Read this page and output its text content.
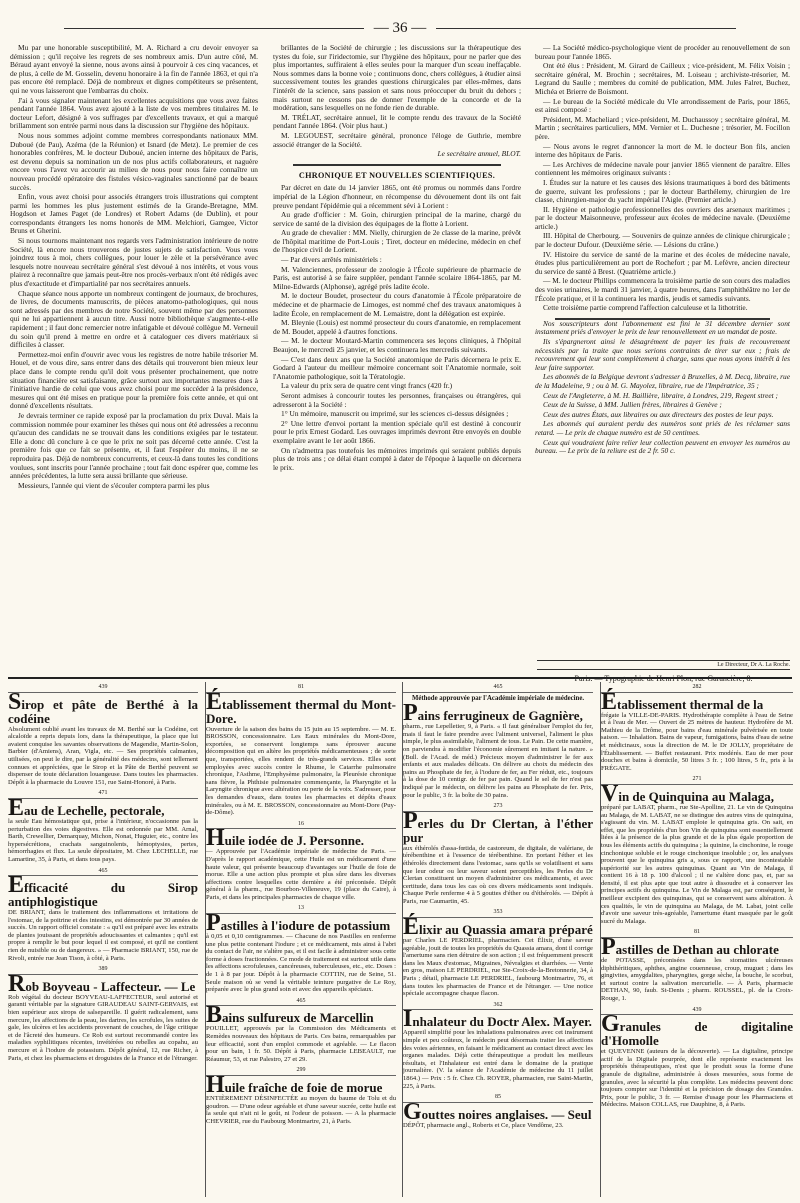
— 36 —

Mu par une honorable susceptibilité, M. A. Richard a cru devoir envoyer sa démission ; qu'il reçoive les regrets de ses nombreux amis. D'un autre côté, M. Béraud ayant envoyé la sienne, nous avons ainsi à pourvoir à ces cinq vacances, et de plus, à celle de M. Gosselin, devenu honoraire à la fin de l'année 1863, et qui n'a pas encore été remplacé. Déjà de nombreux et dignes compétiteurs se présentent, qui ne vous laisseront que l'embarras du choix.

J'ai à vous signaler maintenant les excellentes acquisitions que vous avez faites pendant l'année 1864. Vous avez ajouté à la liste de vos membres titulaires M. le docteur Lefort, désigné à vos suffrages par d'excellents travaux, et qui a marqué brillamment son entrée parmi nous dans la discussion sur l'hygiène des hôpitaux.

Nous nous sommes adjoint comme membres correspondants nationaux MM. Duboué (de Pau), Azéma (de la Réunion) et Isnard (de Metz). Le premier de ces honorables confrères, M. le docteur Duboué, ancien interne des hôpitaux de Paris, est devenu depuis sa nomination un de nos plus actifs collaborateurs, et naguère encore vous l'avez vu accourir au milieu de nous pour nous faire connaître un nouveau procédé opératoire des fistules vésico-vaginales sanctionné par de beaux succès.

Enfin, vous avez choisi pour associés étrangers trois illustrations qui comptent parmi les hommes les plus justement estimés de la Grande-Bretagne, MM. Hogdson et James Paget (de Londres) et Robert Adams (de Dublin), et pour correspondants étrangers les noms honorés de MM. Melchiori, Gamgee, Victor Bruns et Gherini.

Si nous tournons maintenant nos regards vers l'administration intérieure de notre Société, là encore nous trouverons de justes sujets de satisfaction. Vous vous joindrez tous à moi, chers collègues, pour louer le zèle et la persévérance avec lesquels notre nouveau secrétaire général s'est dévoué à nos intérêts, et vous vous plairez à reconnaître que jamais peut-être nos procès-verbaux n'ont été rédigés avec plus d'exactitude et d'impartialité par nos secrétaires annuels.

Chaque séance nous apporte un nombreux contingent de journaux, de brochures, de livres, de documents manuscrits, de pièces anatomo-pathologiques, qui nous sont adressés par des membres de notre Société, souvent même par des personnes qui ne lui appartiennent à aucun titre. Aussi notre bibliothèque s'augmente-t-elle rapidement ; il faut donc remercier notre infatigable et dévoué collègue M. Verneuil du soin qu'il prend à mettre en ordre et à cataloguer ces divers matériaux si difficiles à classer.

Permettez-moi enfin d'ouvrir avec vous les registres de notre habile trésorier M. Houel, et de vous dire, sans entrer dans des détails qui trouveront bien mieux leur place dans le compte rendu qu'il doit vous présenter prochainement, que notre situation financière est satisfaisante, grâce surtout aux importantes mesures dues à l'initiative hardie de celui que vous avez choisi pour me succéder à la présidence, mesures qui ont été mises en pratique pour la première fois cette année, et qui ont donné d'excellents résultats.

Je devrais terminer ce rapide exposé par la proclamation du prix Duval. Mais la commission nommée pour examiner les thèses qui nous ont été adressées a reconnu qu'aucun des candidats ne se trouvait dans les conditions exigées par le testateur. Elle a donc dû conclure à ce que le prix ne soit pas décerné cette année. C'est la première fois que ce fait se présente, et, il faut l'espérer du moins, il ne se reproduira pas. Déjà de nombreux concurrents, et ceux-là dans toutes les conditions voulues, sont inscrits pour l'année prochaine ; tout fait donc espérer que, comme les années précédentes, la lutte sera aussi brillante que sérieuse.

Messieurs, l'année qui vient de s'écouler comptera parmi les plus

brillantes de la Société de chirurgie ; les discussions sur la thérapeutique des tystes du foie, sur l'iridectomie, sur l'hygiène des hôpitaux, pour ne parler que des plus importantes, suffiraient à elles seules pour la marquer d'un sceau ineffaçable. Nous sommes dans la bonne voie ; continuons donc, chers collègues, à étudier ainsi successivement toutes les grandes questions chirurgicales par elles-mêmes, dans l'intérêt de la science, sans passion et sans nous préoccuper du bruit du dehors ; mais surtout ne cessons pas de donner l'exemple de la concorde et de la modération, sans lesquelles on ne fonde rien de durable.

M. TRÉLAT, secrétaire annuel, lit le compte rendu des travaux de la Société pendant l'année 1864. (Voir plus haut.)

M. LEGOUEST, secrétaire général, prononce l'éloge de Guthrie, membre associé étranger de la Société.

Le secrétaire annuel, BLOT.

CHRONIQUE ET NOUVELLES SCIENTIFIQUES.

Par décret en date du 14 janvier 1865, ont été promus ou nommés dans l'ordre impérial de la Légion d'honneur, en récompense du dévouement dont ils ont fait preuve pendant l'épidémie qui a récemment sévi à Lorient :

Au grade d'officier : M. Goin, chirurgien principal de la marine, chargé du service de santé de la division des équipages de la flotte à Lorient.

Au grade de chevalier : MM. Nielly, chirurgien de 2e classe de la marine, prévôt de l'hôpital maritime de Port-Louis ; Tiret, docteur en médecine, médecin en chef de l'hospice civil de Lorient.

— Par divers arrêtés ministériels :

M. Valenciennes, professeur de zoologie à l'École supérieure de pharmacie de Paris, est autorisé à se faire suppléer, pendant l'année scolaire 1864-1865, par M. Milne-Edwards (Alphonse), agrégé près ladite école.

M. le docteur Boudet, prosecteur du cours d'anatomie à l'École préparatoire de médecine et de pharmacie de Limoges, est nommé chef des travaux anatomiques à ladite École, en remplacement de M. Lemaistre, dont la délégation est expirée.

M. Bleynie (Louis) est nommé prosecteur du cours d'anatomie, en remplacement de M. Boudet, appelé à d'autres fonctions.

— M. le docteur Moutard-Martin commencera ses leçons cliniques, à l'hôpital Beaujon, le mercredi 25 janvier, et les continuera les mercredis suivants.

— C'est dans deux ans que la Société anatomique de Paris décernera le prix E. Godard à l'auteur du meilleur mémoire concernant soit l'Anatomie normale, soit l'Anatomie pathologique, soit la Tératologie.

La valeur du prix sera de quatre cent vingt francs (420 fr.)

Seront admises à concourir toutes les personnes, françaises ou étrangères, qui adresseront à la Société :

1° Un mémoire, manuscrit ou imprimé, sur les sciences ci-dessus désignées ;

2° Une lettre d'envoi portant la mention spéciale qu'il est destiné à concourir pour le prix Ernest Godard. Les ouvrages imprimés devront être envoyés en double exemplaire avant le 1er août 1866.

On n'admettra pas toutefois les mémoires imprimés qui seraient publiés depuis plus de trois ans ; ce délai étant compté à dater de l'époque à laquelle on décernera le prix.

— La Société médico-psychologique vient de procéder au renouvellement de son bureau pour l'année 1865.

Ont été élus : Président, M. Girard de Cailleux ; vice-président, M. Félix Voisin ; secrétaire général, M. Brochin ; secrétaires, M. Loiseau ; archiviste-trésorier, M. Legrand du Saulle ; membres du comité de publication, MM. Jules Falret, Buchez, Michéa et Brierre de Boismont.

— Le bureau de la Société médicale du VIe arrondissement de Paris, pour 1865, est ainsi composé :

Président, M. Macheliard ; vice-président, M. Duchaussoy ; secrétaire général, M. Martin ; secrétaires particuliers, MM. Vernier et L. Duchesne ; trésorier, M. Focillon père.

— Nous avons le regret d'annoncer la mort de M. le docteur Bon fils, ancien interne des hôpitaux de Paris.

— Les Archives de médecine navale pour janvier 1865 viennent de paraître. Elles contiennent les mémoires originaux suivants :

I. Études sur la nature et les causes des lésions traumatiques à bord des bâtiments de guerre, suivant les professions ; par le docteur Barthélemy, chirurgien de 1re classe, chirurgien-major du yacht impérial l'Aigle. (Premier article.)

II. Hygiène et pathologie professionnelles des ouvriers des arsenaux maritimes ; par le docteur Maisonneuve, professeur aux écoles de médecine navale. (Deuxième article.)

III. Hôpital de Cherbourg. — Souvenirs de quinze années de clinique chirurgicale ; par le docteur Dufour. (Deuxième série. — Lésions du crâne.)

IV. Histoire du service de santé de la marine et des écoles de médecine navale, études plus particulièrement au port de Rochefort ; par M. Lefèvre, ancien directeur du service de santé à Brest. (Quatrième article.)

— M. le docteur Phillips commencera la troisième partie de son cours des maladies des voies urinaires, le mardi 31 janvier, à quatre heures, dans l'amphithéâtre no 1er de l'École pratique, et il la continuera les mardis, jeudis et samedis suivants.

Cette troisième partie comprend l'affection calculeuse et la lithotritie.

Nos souscripteurs dont l'abonnement est fini le 31 décembre dernier sont instamment priés d'envoyer le prix de leur renouvellement en un mandat de poste.

Ils s'épargneront ainsi le désagrément de payer les frais de recouvrement nécessités par la traite que nous serions contraints de tirer sur eux ; frais de recouvrement qui leur sont complètement à charge, sans que nous ayons intérêt à les leur faire supporter.

Les abonnés de la Belgique devront s'adresser à Bruxelles, à M. Decq, libraire, rue de la Madeleine, 9 ; ou à M. G. Mayolez, libraire, rue de l'Impératrice, 35 ;

Ceux de l'Angleterre, à M. H. Baillière, libraire, à Londres, 219, Regent street ;

Ceux de la Suisse, à MM. Jullien frères, libraires à Genève ;

Ceux des autres États, aux libraires ou aux directeurs des postes de leur pays.

Les abonnés qui auraient perdu des numéros sont priés de les réclamer sans retard. — Le prix de chaque numéro est de 50 centimes.

Ceux qui voudraient faire relier leur collection peuvent en envoyer les numéros au bureau. — Le prix de la reliure est de 2 fr. 50 c.

Le Directeur, Dr A. La Roche.
Paris. — Typographie de Henri Plon, rue Garancière, 8.
439
Sirop et pâte de Berthé à la codéine
Absolument oublié avant les travaux de M. Berthé sur la Codéine, cet alcaloïde a repris depuis lors, dans la thérapeutique, la place que lui avaient conquise les savantes observations de Magendie, Martin-Solon, Barbier (d'Amiens), Aran, Vigla, etc. — Ses propriétés calmantes, utilisées, on peut le dire, par la généralité des médecins, sont tellement connues et appréciées, que le Sirop et la Pâte de Berthé peuvent se dispenser de toute déclaration louangeuse. Dans toutes les pharmacies. Dépôt à la pharmacie du Louvre 151, rue Saint-Honoré, à Paris.
471
Eau de Lechelle, pectorale,
la seule Eau hémostatique qui, prise à l'intérieur, n'occasionne pas la perturbation des voies digestives. Elle est ordonnée par MM. Arnal, Barth, Crewellier, Demarquay, Michon, Nonat, Huguier, etc., contre les hypersécrétions, crachats sanguinolents, hémoptysies, pertes, hémorrhagies et flux. La seule dépositaire, M. Chez LECHELLE, rue Lamartine, 35, à Paris, et dans tous pays.
465
Efficacité du Sirop antiphlogistique
DE BRIANT, dans le traitement des inflammations et irritations de l'estomac, de la poitrine et des intestins, est démontrée par 30 années de succès. Un rapport officiel constate : « qu'il est préparé avec les extraits de plantes jouissant de propriétés adoucissantes et calmantes ; qu'il est propre à remplir le but pour lequel il est composé, et qu'il ne contient rien de nuisible ou de dangereux. » — Pharmacie BRIANT, 150, rue de Rivoli, entrée rue Jean Tison, à côté, à Paris.
389
Rob Boyveau - Laffecteur. — Le
Rob végétal du docteur BOYVEAU-LAFFECTEUR, seul autorisé et garanti véritable par la signature GIRAUDEAU SAINT-GERVAIS, est bien supérieur aux sirops de salsepareille. Il guérit radicalement, sans mercure, les affections de la peau, les dartres, les scrofules, les suites de gale, les ulcères et les accidents provenant de couches, de l'âge critique et de l'âcreté des humeurs. Ce Rob est surtout recommandé contre les maladies syphilitiques récentes, invétérées ou rebelles au copahu, au mercure et à l'iodure de potassium. Dépôt général, 12, rue Richer, à Paris, et chez les pharmaciens et droguistes de la France et de l'étranger.
81
Établissement thermal du Mont-Dore.
Ouverture de la saison des bains du 15 juin au 15 septembre. — M. E. BROSSON, concessionnaire. Les Eaux minérales du Mont-Dore, exportées, se conservent longtemps sans éprouver aucune décomposition qui en altère les propriétés médicamenteuses ; de sorte que, transportées, elles rendent de très-grands services. Elles sont employées avec succès contre le Rhume, le Catarrhe pulmonaire chronique, l'Asthme, l'Emphysème pulmonaire, la Pleurésie chronique sans fièvre, la Phthisie pulmonaire commençante, la Pharyngite et la Laryngite chronique avec altération ou perte de la voix. S'adresser, pour les demandes d'eaux, dans toutes les pharmacies et dépôts d'eaux minérales, ou à M. E. BROSSON, concessionnaire au Mont-Dore (Puy-de-Dôme).
16
Huile iodée de J. Personne.
— Approuvée par l'Académie impériale de médecine de Paris. — D'après le rapport académique, cette Huile est un médicament d'une haute valeur, qui présente beaucoup d'avantages sur l'huile de foie de morue. Elle a une action plus prompte et plus sûre dans les diverses affections contre lesquelles cette dernière a été préconisée. Dépôt général à la pharm., rue Bourbon-Villeneuve, 19 (place du Caire), à Paris, et dans les principales pharmacies de chaque ville.
13
Pastilles à l'iodure de potassium
à 0,05 et 0,10 centigrammes. — Chacune de nos Pastilles en renferme une plus petite contenant l'iodure ; et ce médicament, mis ainsi à l'abri du contact de l'air, ne s'altère pas, et il est facile à administrer sous cette forme à doses fractionnées. Ce mode de traitement est surtout utile dans les affections scrofuleuses, cancéreuses, tuberculeuses, etc., etc. Doses : de 1 à 8 par jour. Dépôt à la pharmacie COTTIN, rue de Seine, 51. Seule maison où se vend la véritable teinture purgative de Le Roy, préparée avec le plus grand soin et avec des appareils spéciaux.
465
Bains sulfureux de Marcellin
POUILLET, approuvés par la Commission des Médicaments et Remèdes nouveaux des hôpitaux de Paris. Ces bains, remarquables par leur efficacité, sont d'un emploi commode et agréable. — Le flacon pour un bain, 1 fr. 50. Dépôt à Paris, pharmacie LEBEAULT, rue Réaumur, 53, et rue Palestro, 27 et 29.
299
Huile fraîche de foie de morue
ENTIÈREMENT DÉSINFECTÉE au moyen du baume de Tolu et du goudron. — D'une odeur agréable et d'une saveur sucrée, cette huile est la seule qui n'ait ni le goût, ni l'odeur de poisson. — A la pharmacie CHEVRIER, rue du Faubourg Montmartre, 21, à Paris.
465
Méthode approuvée par l'Académie impériale de médecine.
Pains ferrugineux de Gagnière,
pharm., rue Lepelletier, 9, à Paris. « Il faut généraliser l'emploi du fer, mais il faut le faire prendre avec l'aliment universel, l'aliment le plus simple, le plus assimilable, l'aliment de tous. Le Pain. De cette manière, on parviendra à modifier l'économie sûrement en imitant la nature. » (Bull. de l'Acad. de méd.) Précieux moyen d'administrer le fer aux enfants et aux malades délicats. On délivre au choix du médecin des pains au Phosphate de fer, à l'iodure de fer, au Fer réduit, etc., toujours à la dose de 10 centigr. de fer par pain. Quand le sel de fer n'est pas indiqué par le médecin, on délivre les pains au Phosphate de fer. Prix, pour le public, 3 fr. la boîte de 30 pains.
273
Perles du Dr Clertan, à l'éther pur
aux éthérolés d'assa-fœtida, de castoreum, de digitale, de valériane, de térébenthine et à l'essence de térébenthine. En portant l'éther et les éthérolés directement dans l'estomac, sans qu'ils se volatilisent et sans que leur odeur ou leur saveur soient perceptibles, les Perles du Dr Clertan constituent un moyen d'administrer ces médicaments, et avec certitude, dans tous les cas où ces divers médicaments sont indiqués. Chaque Perle renferme 4 à 5 gouttes d'éther ou d'éthérolés. — Dépôt à Paris, rue Caumartin, 45.
353
Élixir au Quassia amara préparé
par Charles LE PERDRIEL, pharmacien. Cet Élixir, d'une saveur agréable, jouit de toutes les propriétés du Quassia amara, dont il corrige l'amertume sans rien détruire de son action ; il est fréquemment prescrit dans les Maux d'estomac, Migraines, Névralgies et diarrhées. — Vente en gros, maison LE PERDRIEL, rue Ste-Croix-de-la-Bretonnerie, 34, à Paris ; détail, pharmacie LE PERDRIEL, faubourg Montmartre, 76, et dans toutes les pharmacies de France et de l'étranger. — Une notice spéciale accompagne chaque flacon.
362
Inhalateur du Doctr Alex. Mayer.
Appareil simplifié pour les inhalations pulmonaires avec cet instrument simple et peu coûteux, le médecin peut désormais traiter les affections des voies aériennes, en faisant le médicament au contact direct avec les organes malades. Déjà cette thérapeutique a produit les meilleurs résultats, et l'Inhalateur est entré dans le domaine de la pratique journalière. (V. la séance de l'Académie de médecine du 11 juillet 1864.) — Prix : 5 fr. Chez Ch. ROYER, pharmacien, rue Saint-Martin, 225, à Paris.
85
Gouttes noires anglaises. — Seul
DÉPÔT, pharmacie angl., Roberts et Ce, place Vendôme, 23.
282
Établissement thermal de la
frégate la VILLE-DE-PARIS. Hydrothérapie complète à l'eau de Seine et à l'eau de Mer. — Ouvert de 25 mètres de hauteur. Hydrofère de M. Mathieu de la Drôme, pour bains d'eau minérale pulvérisée en toute saison. — Inhalation. Bains de vapeur, fumigations, bains d'eau de seine et médicinaux, sous la direction de M. le Dr JOLLY, propriétaire de l'Établissement. — Buffet restaurant. Prix modérés. Eau de mer pour douches et bains à domicile, 50 litres 3 fr. ; 100 litres, 5 fr., pris à la FRÉGATE.
271
Vin de Quinquina au Malaga,
préparé par LABAT, pharm., rue Ste-Apolline, 21. Le vin de Quinquina au Malaga, de M. LABAT, ne se distingue des autres vins de quinquina, s'agissant du vin. M. LABAT emploie le quinquina gris. On sait, en effet, que les propriétés d'un bon Vin de quinquina sont essentiellement liées à la présence de la plus grande et de la plus égale proportion de tous les éléments actifs du quinquina ; la quinine, la cinchonine, le rouge cinchonique soluble et le rouge cinchonique insoluble ; or, les analyses prouvent que le quinquina gris a, sous ce rapport, une incontestable supériorité sur les autres quinquinas. Quant au Vin de Malaga, il contient 16 à 18 p. 100 d'alcool ; il ne s'altère donc pas, et, par sa densité, il est plus apte que tout autre à dissoudre et à conserver les principes actifs du quinquina. Le Vin de Malaga est, par conséquent, le meilleur excipient des quinquinas, qui se conservent sans altération. À ces qualités, le vin de quinquina au Malaga, de M. Labat, joint celle d'avoir une saveur très-agréable, l'amertume étant masquée par le goût sucré du Malaga.
81
Pastilles de Dethan au chlorate
de POTASSE, préconisées dans les stomatites ulcéreuses diphthéritiques, aphthes, angine couenneuse, croup, muguet ; dans les gingivites, amygdalites, pharyngites, gorge sèche, la bouche, le scorbut, et surtout contre la salivation mercurielle. — À Paris, pharmacie DETHAN, 90, faub. St-Denis ; pharm. ROUSSEL, pl. de la Croix-Rouge, 1.
439
Granules de digitaline d'Homolle
et QUEVENNE (auteurs de la découverte). — La digitaline, principe actif de la Digitale pourprée, dont elle représente exactement les propriétés thérapeutiques, n'est que le produit sous la forme d'une granule de digitaline, administrée à doses mesurées, sous forme de granules, avec la sécurité la plus complète. Les médecins peuvent donc toujours compter sur l'identité et la précision de dosage des Granules. Prix, pour le public, 3 fr. — Remise d'usage pour les Pharmaciens et Médecins. Maison COLLAS, rue Dauphine, 8, à Paris.
